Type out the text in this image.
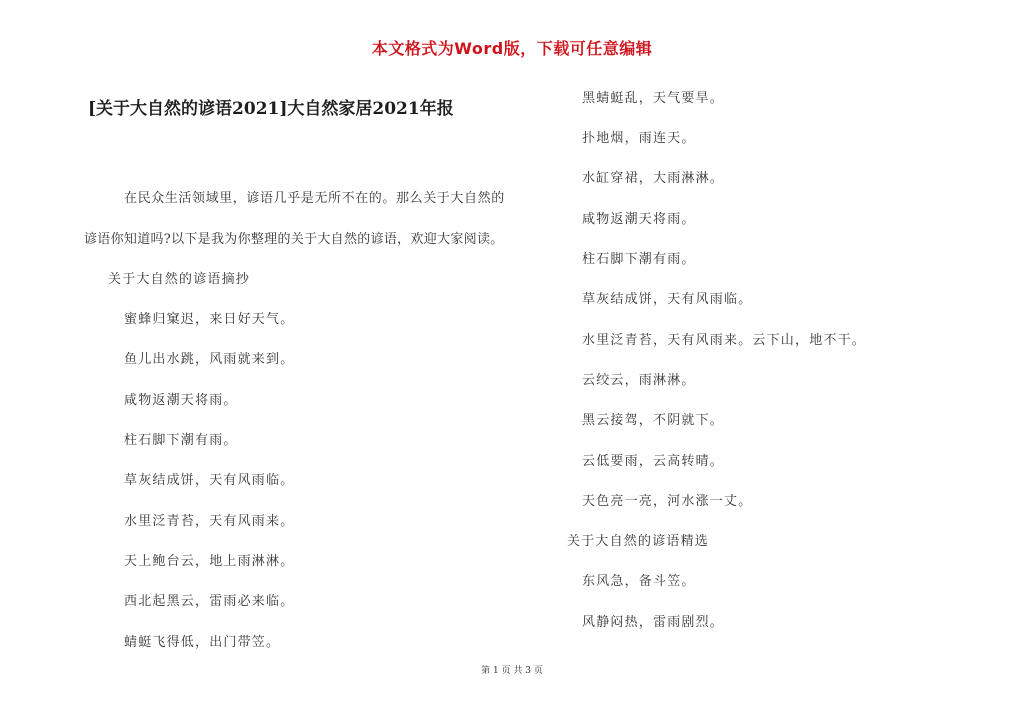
本文格式为Word版，下载可任意编辑
[关于大自然的谚语2021]大自然家居2021年报
在民众生活领域里，谚语几乎是无所不在的。那么关于大自然的
谚语你知道吗?以下是我为你整理的关于大自然的谚语，欢迎大家阅读。
关于大自然的谚语摘抄
蜜蜂归窠迟，来日好天气。
鱼儿出水跳，风雨就来到。
咸物返潮天将雨。
柱石脚下潮有雨。
草灰结成饼，天有风雨临。
水里泛青苔，天有风雨来。
天上鲍台云，地上雨淋淋。
西北起黑云，雷雨必来临。
蜻蜓飞得低，出门带笠。
黑蜻蜓乱，天气要旱。
扑地烟，雨连天。
水缸穿裙，大雨淋淋。
咸物返潮天将雨。
柱石脚下潮有雨。
草灰结成饼，天有风雨临。
水里泛青苔，天有风雨来。云下山，地不干。
云绞云，雨淋淋。
黑云接驾，不阴就下。
云低要雨，云高转晴。
天色亮一亮，河水涨一丈。
关于大自然的谚语精选
东风急，备斗笠。
风静闷热，雷雨剧烈。
第 1 页 共 3 页
